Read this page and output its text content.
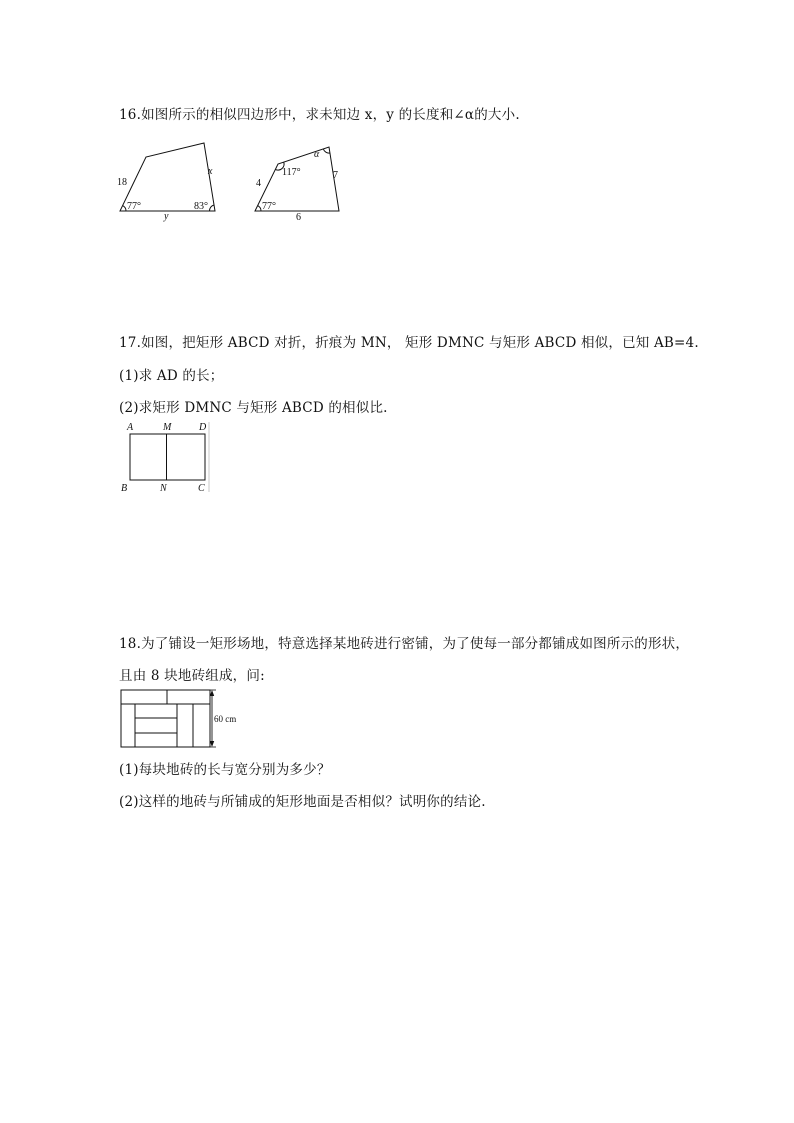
16.如图所示的相似四边形中，求未知边 x，y 的长度和∠α的大小.
18
x
y
77°	83°
4
7
6
77°
117°
α
17.如图，把矩形 ABCD 对折，折痕为 MN， 矩形 DMNC 与矩形 ABCD 相似，已知 AB=4.
(1)求 AD 的长；
(2)求矩形 DMNC 与矩形 ABCD 的相似比.
A	M	D
B	N	C
18.为了铺设一矩形场地，特意选择某地砖进行密铺，为了使每一部分都铺成如图所示的形状，
且由 8 块地砖组成，问:
60 cm
(1)每块地砖的长与宽分别为多少？
(2)这样的地砖与所铺成的矩形地面是否相似？试明你的结论.
